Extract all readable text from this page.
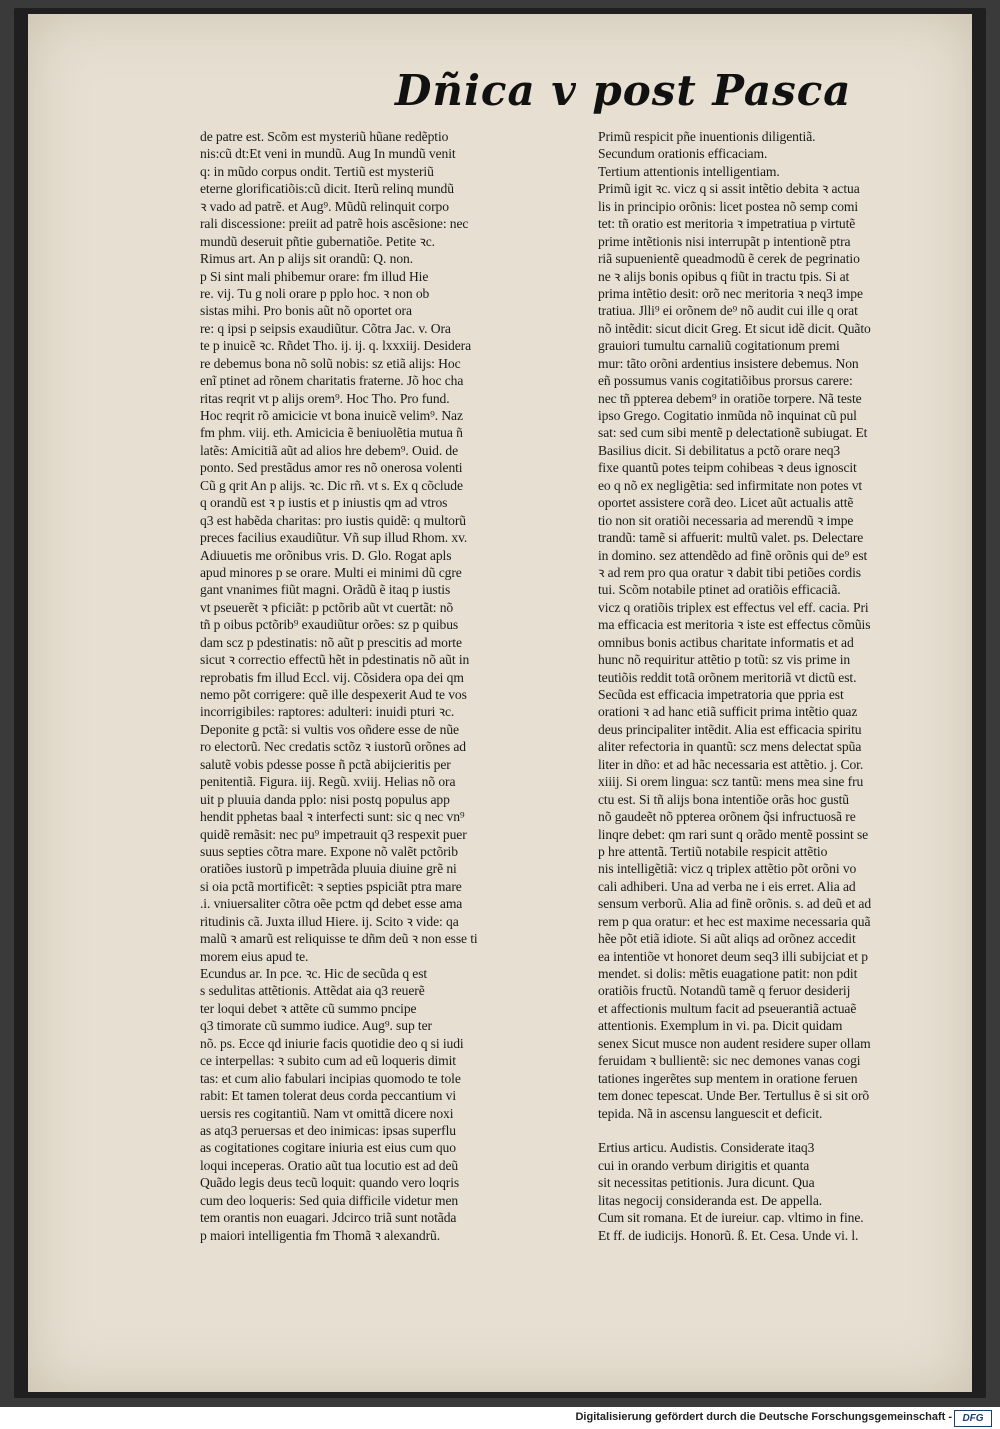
Dñica v post Pasca
de patre est. Scõm est mysteriũ hũane redẽptio
nis:cũ dt:Et veni in mundũ. Aug In mundũ venit
q: in mũdo corpus ondit. Tertiũ est mysteriũ
eterne glorificatiõis:cũ dicit. Iterũ relinq mundũ
ꝛ vado ad patrẽ. et Aug⁹. Mũdũ relinquit corpo
rali discessione: preiit ad patrẽ hois ascẽsione: nec
mundũ deseruit pñtie gubernatiõe. Petite ꝛc.
Rimus art. An p alijs sit orandũ: Q. non.
p Si sint mali phibemur orare: fm illud Hie
re. vij. Tu g noli orare p pplo hoc. ꝛ non ob
sistas mihi. Pro bonis aũt nõ oportet ora
re: q ipsi p seipsis exaudiũtur. Cõtra Jac. v. Ora
te p inuicẽ ꝛc. Rñdet Tho. ij. ij. q. lxxxiij. Desidera
re debemus bona nõ solũ nobis: sz etiã alijs: Hoc
enĩ ptinet ad rõnem charitatis fraterne. Jõ hoc cha
ritas reqrit vt p alijs orem⁹. Hoc Tho. Pro fund.
Hoc reqrit rõ amicicie vt bona inuicẽ velim⁹. Naz
fm phm. viij. eth. Amicicia ẽ beniuolẽtia mutua ñ
latẽs: Amicitiã aũt ad alios hre debem⁹. Ouid. de
ponto. Sed prestãdus amor res nõ onerosa volenti
Cũ g qrit An p alijs. ꝛc. Dic rñ. vt s. Ex q cõclude
q orandũ est ꝛ p iustis et p iniustis qm ad vtros
q3 est habẽda charitas: pro iustis quidẽ: q multorũ
preces facilius exaudiũtur. Vñ sup illud Rhom. xv.
Adiuuetis me orõnibus vris. D. Glo. Rogat apls
apud minores p se orare. Multi ei minimi dũ cgre
gant vnanimes fiũt magni. Orãdũ ẽ itaq p iustis
vt pseuerẽt ꝛ pficiãt: p pctõrib aũt vt cuertãt: nõ
tñ p oibus pctõrib⁹ exaudiũtur orões: sz p quibus
dam scz p pdestinatis: nõ aũt p prescitis ad morte
sicut ꝛ correctio effectũ hẽt in pdestinatis nõ aũt in
reprobatis fm illud Eccl. vij. Cõsidera opa dei qm
nemo põt corrigere: quẽ ille despexerit Aud te vos
incorrigibiles: raptores: adulteri: inuidi pturi ꝛc.
Deponite g pctã: si vultis vos oñdere esse de nũe
ro electorũ. Nec credatis sctõz ꝛ iustorũ orõnes ad
salutẽ vobis pdesse posse ñ pctã abijcieritis per
penitentiã. Figura. iij. Regũ. xviij. Helias nõ ora
uit p pluuia danda pplo: nisi postq populus app
hendit pphetas baal ꝛ interfecti sunt: sic q nec vn⁹
quidẽ remãsit: nec pu⁹ impetrauit q3 respexit puer
suus septies cõtra mare. Expone nõ valẽt pctõrib
oratiões iustorũ p impetrãda pluuia diuine grẽ ni
si oia pctã mortificẽt: ꝛ septies pspiciãt ptra mare
.i. vniuersaliter cõtra oẽe pctm qd debet esse ama
ritudinis cã. Juxta illud Hiere. ij. Scito ꝛ vide: qa
malũ ꝛ amarũ est reliquisse te dñm deũ ꝛ non esse ti
morem eius apud te.
Ecundus ar. In pce. ꝛc. Hic de secũda q est
s sedulitas attẽtionis. Attẽdat aia q3 reuerẽ
ter loqui debet ꝛ attẽte cũ summo pncipe
q3 timorate cũ summo iudice. Aug⁹. sup ter
nõ. ps. Ecce qd iniurie facis quotidie deo q si iudi
ce interpellas: ꝛ subito cum ad eũ loqueris dimit
tas: et cum alio fabulari incipias quomodo te tole
rabit: Et tamen tolerat deus corda peccantium vi
uersis res cogitantiũ. Nam vt omittã dicere noxi
as atq3 peruersas et deo inimicas: ipsas superflu
as cogitationes cogitare iniuria est eius cum quo
loqui inceperas. Oratio aũt tua locutio est ad deũ
Quãdo legis deus tecũ loquit: quando vero loqris
cum deo loqueris: Sed quia difficile videtur men
tem orantis non euagari. Jdcirco triã sunt notãda
p maiori intelligentia fm Thomã ꝛ alexandrũ.
Primũ respicit pñe inuentionis diligentiã.
Secundum orationis efficaciam.
Tertium attentionis intelligentiam.
Primũ igit ꝛc. vicz q si assit intẽtio debita ꝛ actua
lis in principio orõnis: licet postea nõ semp comi
tet: tñ oratio est meritoria ꝛ impetratiua p virtutẽ
prime intẽtionis nisi interrupãt p intentionẽ ptra
riã supuenientẽ queadmodũ ẽ cerek de pegrinatio
ne ꝛ alijs bonis opibus q fiũt in tractu tpis. Si at
prima intẽtio desit: orõ nec meritoria ꝛ neq3 impe
tratiua. Jlli⁹ ei orõnem de⁹ nõ audit cui ille q orat
nõ intẽdit: sicut dicit Greg. Et sicut idẽ dicit. Quãto
grauiori tumultu carnaliũ cogitationum premi
mur: tãto orõni ardentius insistere debemus. Non
eñ possumus vanis cogitatiõibus prorsus carere:
nec tñ ppterea debem⁹ in oratiõe torpere. Nã teste
ipso Grego. Cogitatio inmũda nõ inquinat cũ pul
sat: sed cum sibi mentẽ p delectationẽ subiugat. Et
Basilius dicit. Si debilitatus a pctõ orare neq3
fixe quantũ potes teipm cohibeas ꝛ deus ignoscit
eo q nõ ex negligẽtia: sed infirmitate non potes vt
oportet assistere corã deo. Licet aũt actualis attẽ
tio non sit oratiõi necessaria ad merendũ ꝛ impe
trandũ: tamẽ si affuerit: multũ valet. ps. Delectare
in domino. sez attendẽdo ad finẽ orõnis qui de⁹ est
ꝛ ad rem pro qua oratur ꝛ dabit tibi petiões cordis
tui. Scõm notabile ptinet ad oratiõis efficaciã.
vicz q oratiõis triplex est effectus vel eff. cacia. Pri
ma efficacia est meritoria ꝛ iste est effectus cõmũis
omnibus bonis actibus charitate informatis et ad
hunc nõ requiritur attẽtio p totũ: sz vis prime in
teutiõis reddit totã orõnem meritoriã vt dictũ est.
Secũda est efficacia impetratoria que ppria est
orationi ꝛ ad hanc etiã sufficit prima intẽtio quaz
deus principaliter intẽdit. Alia est efficacia spiritu
aliter refectoria in quantũ: scz mens delectat spũa
liter in dño: et ad hãc necessaria est attẽtio. j. Cor.
xiiij. Si orem lingua: scz tantũ: mens mea sine fru
ctu est. Si tñ alijs bona intentiõe orãs hoc gustũ
nõ gaudeẽt nõ ppterea orõnem q̃si infructuosã re
linqre debet: qm rari sunt q orãdo mentẽ possint se
p hre attentã. Tertiũ notabile respicit attẽtio
nis intelligẽtiã: vicz q triplex attẽtio põt orõni vo
cali adhiberi. Una ad verba ne i eis erret. Alia ad
sensum verborũ. Alia ad finẽ orõnis. s. ad deũ et ad
rem p qua oratur: et hec est maxime necessaria quã
hẽe põt etiã idiote. Si aũt aliqs ad orõnez accedit
ea intentiõe vt honoret deum seq3 illi subijciat et p
mendet. si dolis: mẽtis euagatione patit: non pdit
oratiõis fructũ. Notandũ tamẽ q feruor desiderij
et affectionis multum facit ad pseuerantiã actuaẽ
attentionis. Exemplum in vi. pa. Dicit quidam
senex Sicut musce non audent residere super ollam
feruidam ꝛ bullientẽ: sic nec demones vanas cogi
tationes ingerẽtes sup mentem in oratione feruen
tem donec tepescat. Unde Ber. Tertullus ẽ si sit orõ
tepida. Nã in ascensu languescit et deficit.
Ertius articu. Audistis. Considerate itaq3
cui in orando verbum dirigitis et quanta
sit necessitas petitionis. Jura dicunt. Qua
litas negocij consideranda est. De appella.
Cum sit romana. Et de iureiur. cap. vltimo in fine.
Et ff. de iudicijs. Honorũ. ß. Et. Cesa. Unde vi. l.
Digitalisierung gefördert durch die Deutsche Forschungsgemeinschaft -	DFG
